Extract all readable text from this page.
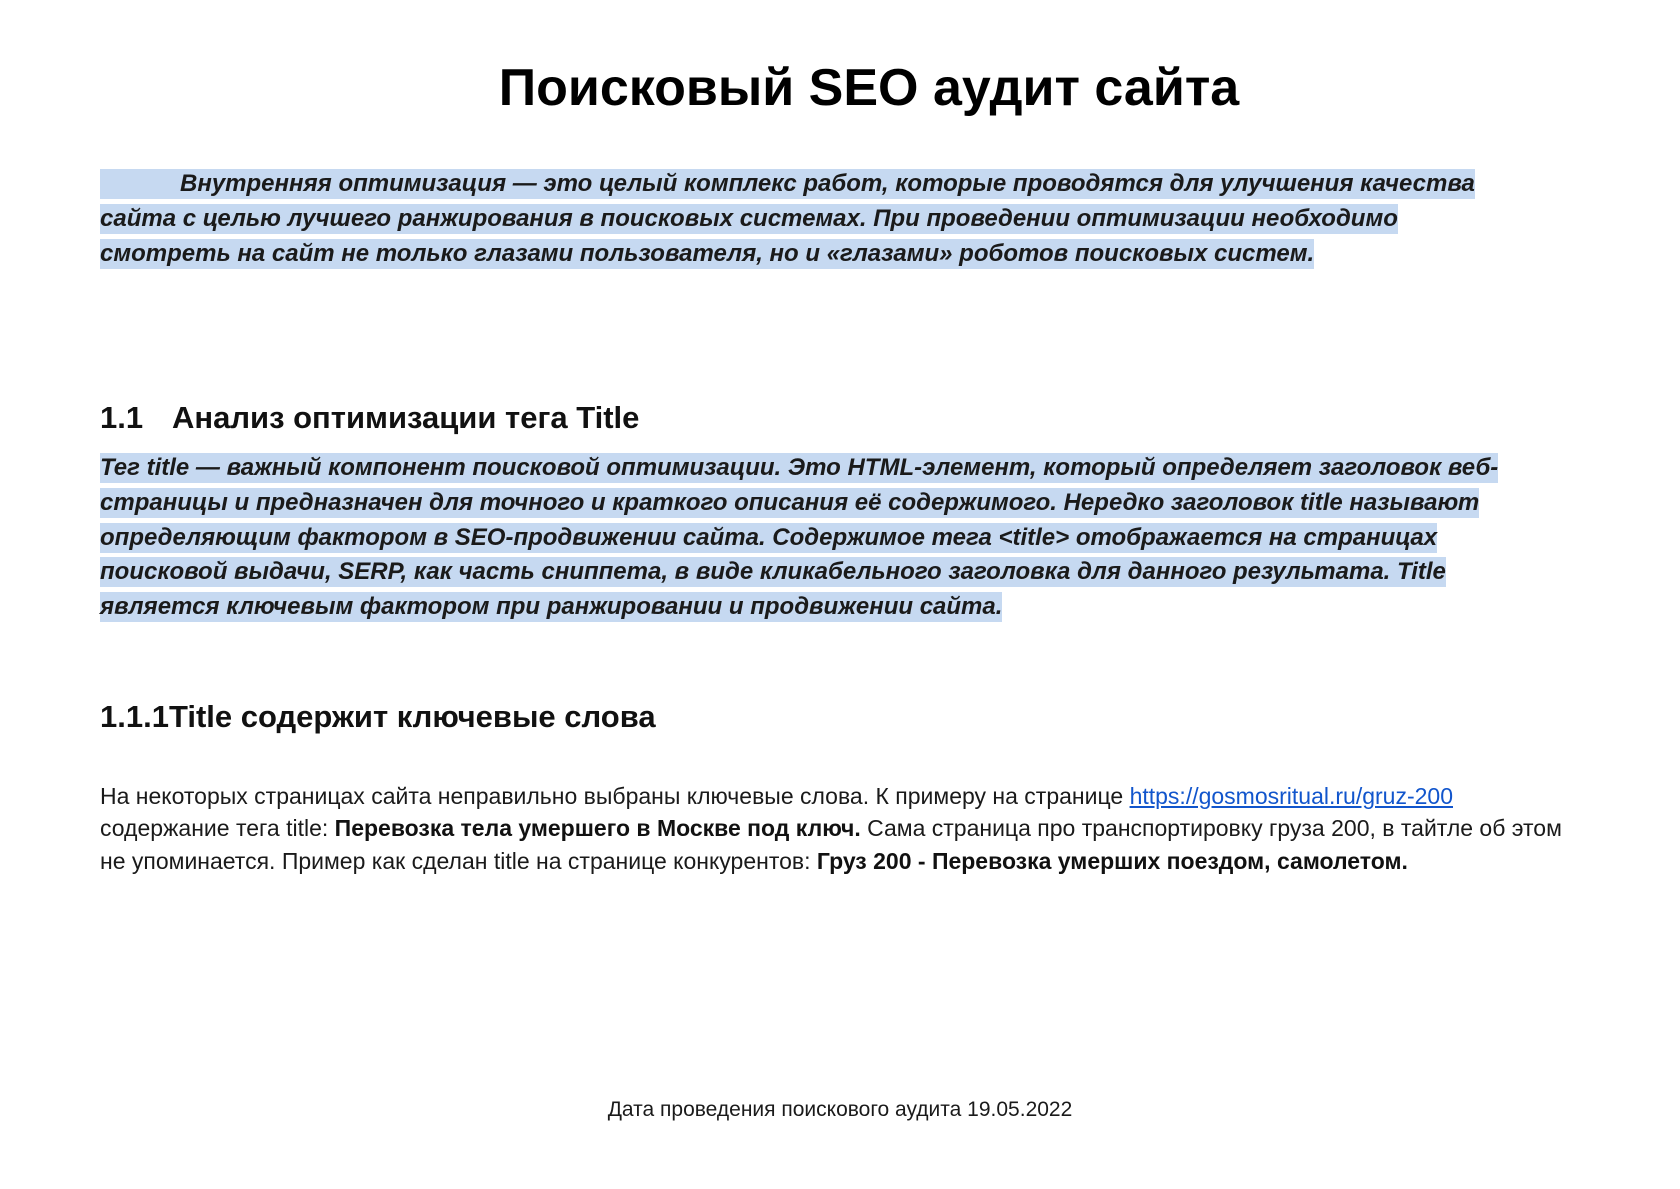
Поисковый SEO аудит сайта

Внутренняя оптимизация — это целый комплекс работ, которые проводятся для улучшения качества сайта с целью лучшего ранжирования в поисковых системах. При проведении оптимизации необходимо смотреть на сайт не только глазами пользователя, но и «глазами» роботов поисковых систем.

1.1 Анализ оптимизации тега Title

Тег title — важный компонент поисковой оптимизации. Это HTML-элемент, который определяет заголовок веб-страницы и предназначен для точного и краткого описания её содержимого. Нередко заголовок title называют определяющим фактором в SEO-продвижении сайта. Содержимое тега <title> отображается на страницах поисковой выдачи, SERP, как часть сниппета, в виде кликабельного заголовка для данного результата. Title является ключевым фактором при ранжировании и продвижении сайта.

1.1.1Title содержит ключевые слова

На некоторых страницах сайта неправильно выбраны ключевые слова. К примеру на странице https://gosmosritual.ru/gruz-200 содержание тега title: Перевозка тела умершего в Москве под ключ. Сама страница про транспортировку груза 200, в тайтле об этом не упоминается. Пример как сделан title на странице конкурентов: Груз 200 - Перевозка умерших поездом, самолетом.

Дата проведения поискового аудита 19.05.2022
